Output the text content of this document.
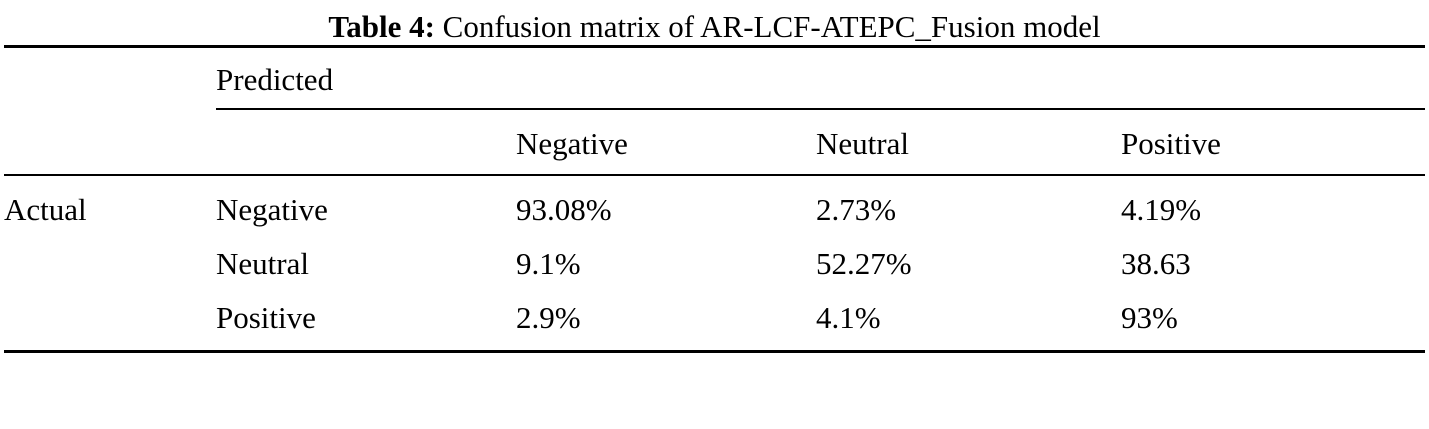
Table 4: Confusion matrix of AR-LCF-ATEPC_Fusion model

	Predicted			

		Negative	Neutral	Positive

Actual	Negative	93.08%	2.73%	4.19%
	Neutral	9.1%	52.27%	38.63
	Positive	2.9%	4.1%	93%
